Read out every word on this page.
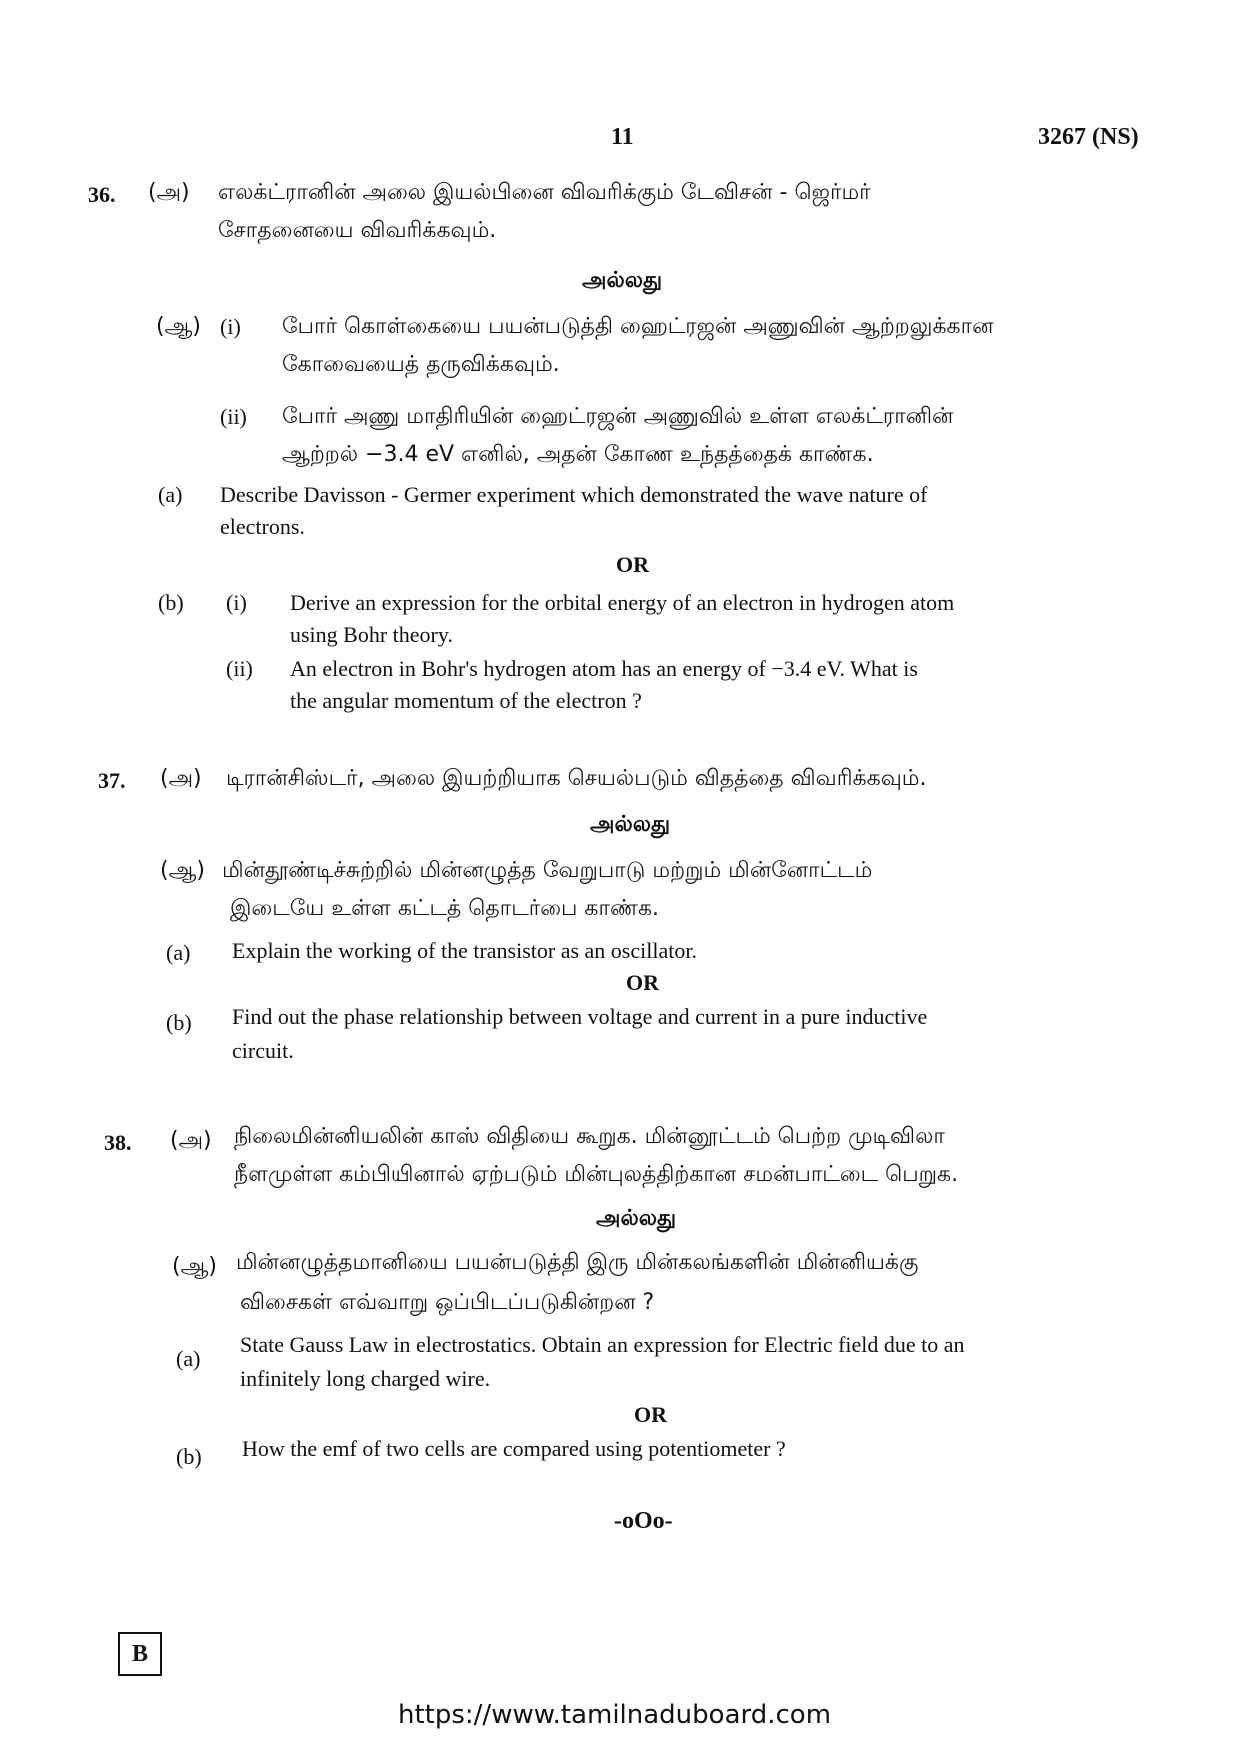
11	3267 (NS)
36. (அ) எலக்ட்ரானின் அலை இயல்பினை விவரிக்கும் டேவிசன் - ஜெர்மர்
சோதனையை விவரிக்கவும்.
அல்லது
(ஆ) (i) போர் கொள்கையை பயன்படுத்தி ஹைட்ரஜன் அணுவின் ஆற்றலுக்கான
கோவையைத் தருவிக்கவும்.
(ii) போர் அணு மாதிரியின் ஹைட்ரஜன் அணுவில் உள்ள எலக்ட்ரானின்
ஆற்றல் −3.4 eV எனில், அதன் கோண உந்தத்தைக் காண்க.
(a) Describe Davisson - Germer experiment which demonstrated the wave nature of
electrons.
OR
(b) (i) Derive an expression for the orbital energy of an electron in hydrogen atom
using Bohr theory.
(ii) An electron in Bohr's hydrogen atom has an energy of −3.4 eV. What is
the angular momentum of the electron ?
37. (அ) டிரான்சிஸ்டர், அலை இயற்றியாக செயல்படும் விதத்தை விவரிக்கவும்.
அல்லது
(ஆ) மின்தூண்டிச்சுற்றில் மின்னழுத்த வேறுபாடு மற்றும் மின்னோட்டம்
இடையே உள்ள கட்டத் தொடர்பை காண்க.
(a) Explain the working of the transistor as an oscillator.
OR
(b) Find out the phase relationship between voltage and current in a pure inductive
circuit.
38. (அ) நிலைமின்னியலின் காஸ் விதியை கூறுக. மின்னூட்டம் பெற்ற முடிவிலா
நீளமுள்ள கம்பியினால் ஏற்படும் மின்புலத்திற்கான சமன்பாட்டை பெறுக.
அல்லது
(ஆ) மின்னழுத்தமானியை பயன்படுத்தி இரு மின்கலங்களின் மின்னியக்கு
விசைகள் எவ்வாறு ஒப்பிடப்படுகின்றன ?
(a)
State Gauss Law in electrostatics. Obtain an expression for Electric field due to an
infinitely long charged wire.
OR
(b) How the emf of two cells are compared using potentiometer ?
-oOo-
B
https://www.tamilnaduboard.com
